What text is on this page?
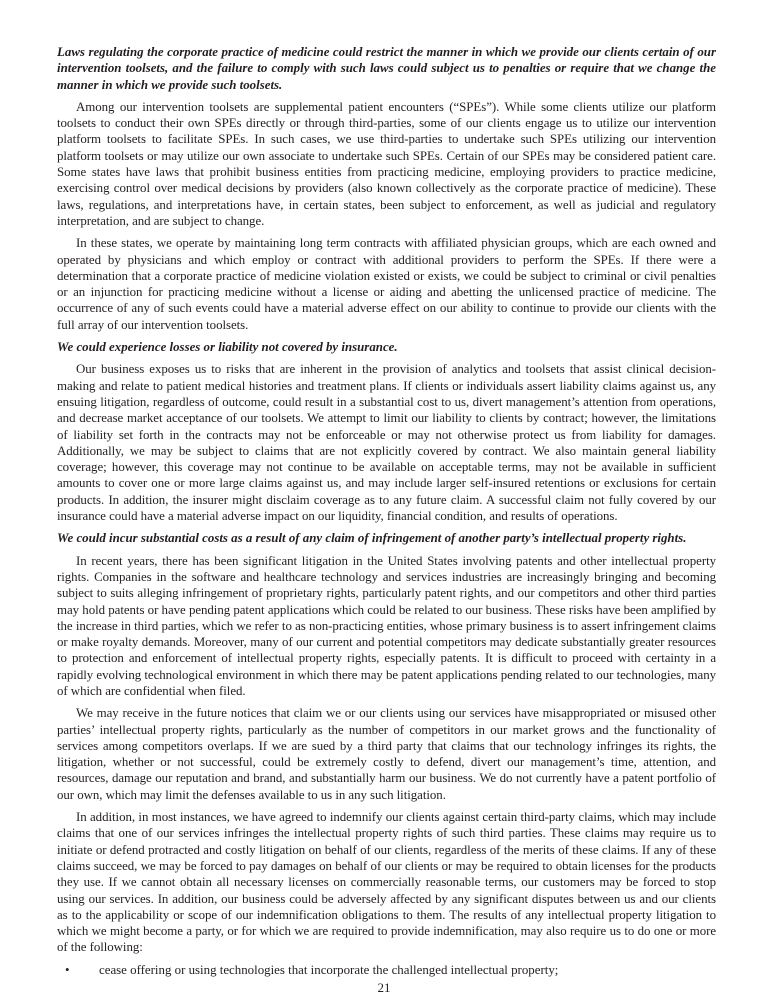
Laws regulating the corporate practice of medicine could restrict the manner in which we provide our clients certain of our intervention toolsets, and the failure to comply with such laws could subject us to penalties or require that we change the manner in which we provide such toolsets.

Among our intervention toolsets are supplemental patient encounters (“SPEs”). While some clients utilize our platform toolsets to conduct their own SPEs directly or through third-parties, some of our clients engage us to utilize our intervention platform toolsets to facilitate SPEs. In such cases, we use third-parties to undertake such SPEs utilizing our intervention platform toolsets or may utilize our own associate to undertake such SPEs. Certain of our SPEs may be considered patient care. Some states have laws that prohibit business entities from practicing medicine, employing providers to practice medicine, exercising control over medical decisions by providers (also known collectively as the corporate practice of medicine). These laws, regulations, and interpretations have, in certain states, been subject to enforcement, as well as judicial and regulatory interpretation, and are subject to change.

In these states, we operate by maintaining long term contracts with affiliated physician groups, which are each owned and operated by physicians and which employ or contract with additional providers to perform the SPEs. If there were a determination that a corporate practice of medicine violation existed or exists, we could be subject to criminal or civil penalties or an injunction for practicing medicine without a license or aiding and abetting the unlicensed practice of medicine. The occurrence of any of such events could have a material adverse effect on our ability to continue to provide our clients with the full array of our intervention toolsets.

We could experience losses or liability not covered by insurance.

Our business exposes us to risks that are inherent in the provision of analytics and toolsets that assist clinical decision-making and relate to patient medical histories and treatment plans. If clients or individuals assert liability claims against us, any ensuing litigation, regardless of outcome, could result in a substantial cost to us, divert management’s attention from operations, and decrease market acceptance of our toolsets. We attempt to limit our liability to clients by contract; however, the limitations of liability set forth in the contracts may not be enforceable or may not otherwise protect us from liability for damages. Additionally, we may be subject to claims that are not explicitly covered by contract. We also maintain general liability coverage; however, this coverage may not continue to be available on acceptable terms, may not be available in sufficient amounts to cover one or more large claims against us, and may include larger self-insured retentions or exclusions for certain products. In addition, the insurer might disclaim coverage as to any future claim. A successful claim not fully covered by our insurance could have a material adverse impact on our liquidity, financial condition, and results of operations.

We could incur substantial costs as a result of any claim of infringement of another party’s intellectual property rights.

In recent years, there has been significant litigation in the United States involving patents and other intellectual property rights. Companies in the software and healthcare technology and services industries are increasingly bringing and becoming subject to suits alleging infringement of proprietary rights, particularly patent rights, and our competitors and other third parties may hold patents or have pending patent applications which could be related to our business. These risks have been amplified by the increase in third parties, which we refer to as non-practicing entities, whose primary business is to assert infringement claims or make royalty demands. Moreover, many of our current and potential competitors may dedicate substantially greater resources to protection and enforcement of intellectual property rights, especially patents. It is difficult to proceed with certainty in a rapidly evolving technological environment in which there may be patent applications pending related to our technologies, many of which are confidential when filed.

We may receive in the future notices that claim we or our clients using our services have misappropriated or misused other parties’ intellectual property rights, particularly as the number of competitors in our market grows and the functionality of services among competitors overlaps. If we are sued by a third party that claims that our technology infringes its rights, the litigation, whether or not successful, could be extremely costly to defend, divert our management’s time, attention, and resources, damage our reputation and brand, and substantially harm our business. We do not currently have a patent portfolio of our own, which may limit the defenses available to us in any such litigation.

In addition, in most instances, we have agreed to indemnify our clients against certain third-party claims, which may include claims that one of our services infringes the intellectual property rights of such third parties. These claims may require us to initiate or defend protracted and costly litigation on behalf of our clients, regardless of the merits of these claims. If any of these claims succeed, we may be forced to pay damages on behalf of our clients or may be required to obtain licenses for the products they use. If we cannot obtain all necessary licenses on commercially reasonable terms, our customers may be forced to stop using our services. In addition, our business could be adversely affected by any significant disputes between us and our clients as to the applicability or scope of our indemnification obligations to them. The results of any intellectual property litigation to which we might become a party, or for which we are required to provide indemnification, may also require us to do one or more of the following:

•	cease offering or using technologies that incorporate the challenged intellectual property;
21
